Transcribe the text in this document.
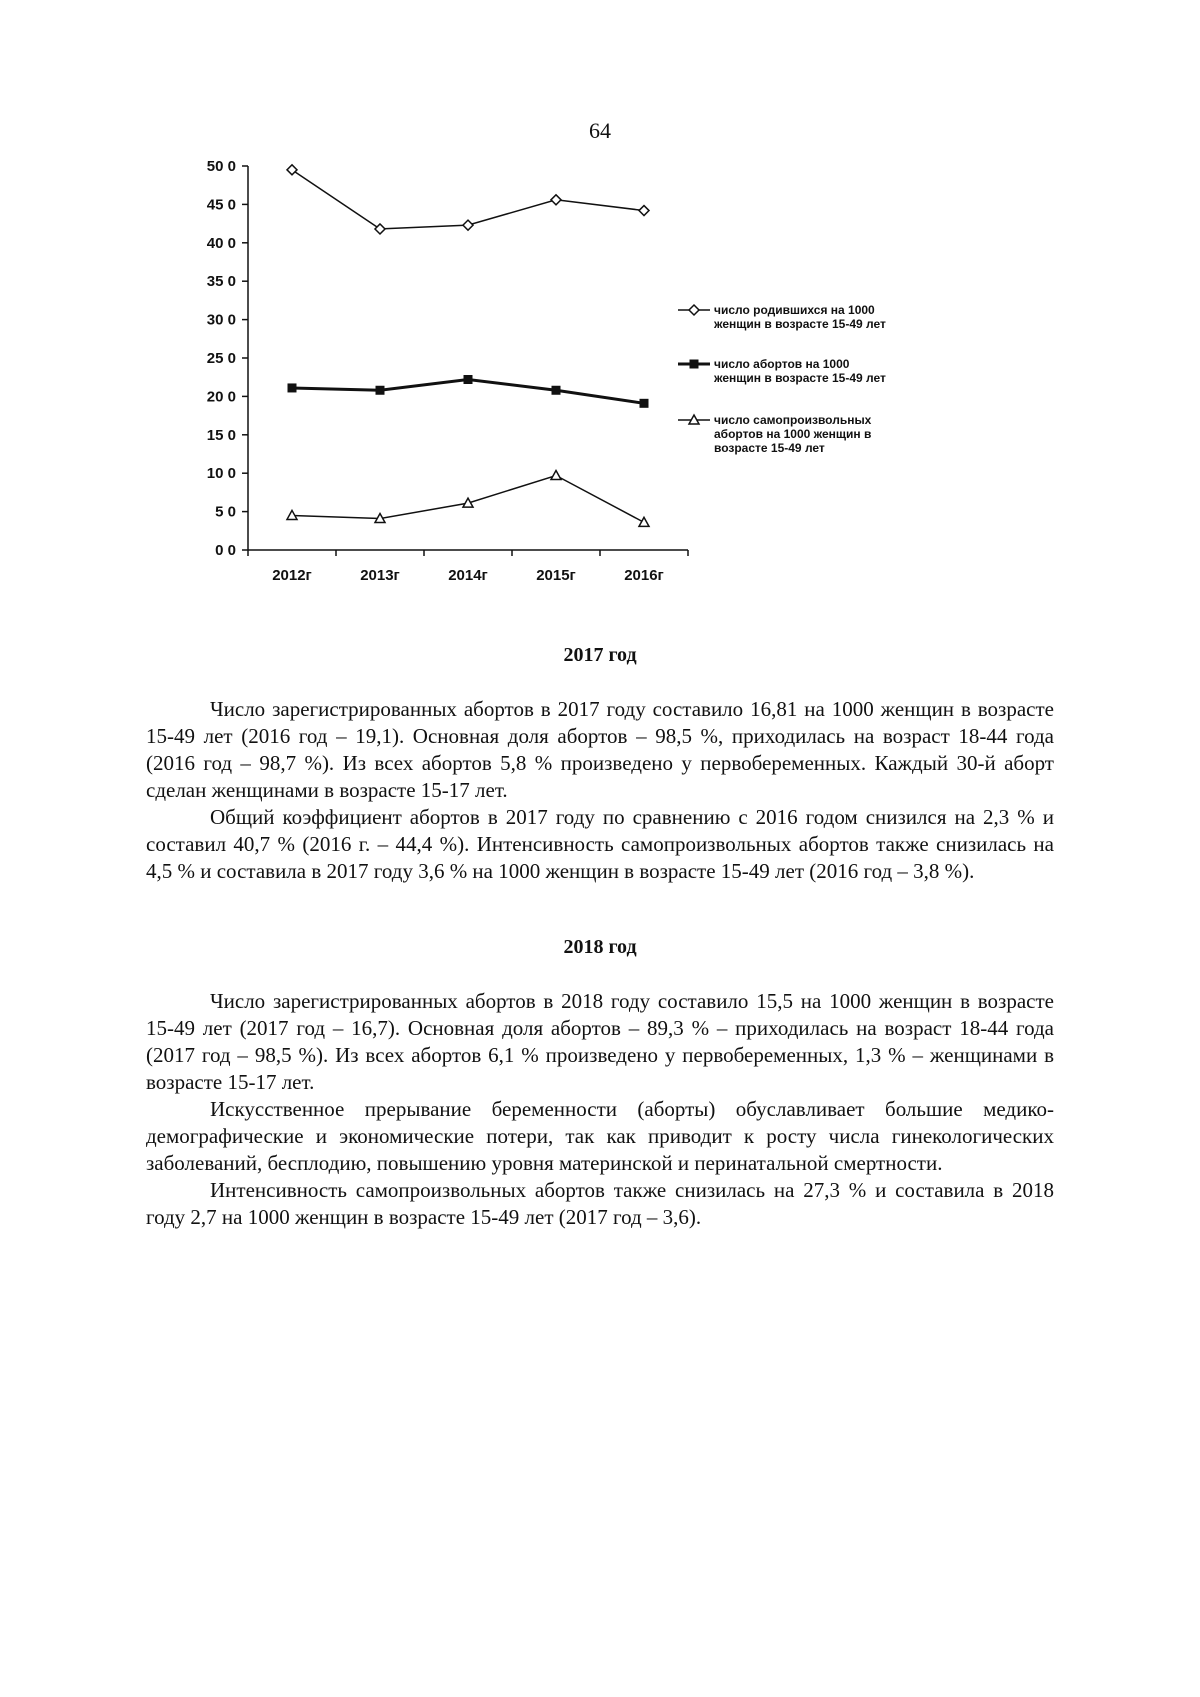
64
0 0
5 0
10 0
15 0
20 0
25 0
30 0
35 0
40 0
45 0
50 0
2012г	2013г	2014г	2015г	2016г
число родившихся на 1000
женщин в возрасте 15-49 лет
число абортов на 1000
женщин в возрасте 15-49 лет
число самопроизвольных
абортов на 1000 женщин в
возрасте 15-49 лет
2017 год

Число зарегистрированных абортов в 2017 году составило 16,81 на 1000 женщин в возрасте 15-49 лет (2016 год – 19,1). Основная доля абортов – 98,5 %, приходилась на возраст 18-44 года (2016 год – 98,7 %). Из всех абортов 5,8 % произведено у первобеременных. Каждый 30-й аборт сделан женщинами в возрасте 15-17 лет.

Общий коэффициент абортов в 2017 году по сравнению с 2016 годом снизился на 2,3 % и составил 40,7 % (2016 г. – 44,4 %). Интенсивность самопроизвольных абортов также снизилась на 4,5 % и составила в 2017 году 3,6 % на 1000 женщин в возрасте 15-49 лет (2016 год – 3,8 %).

2018 год

Число зарегистрированных абортов в 2018 году составило 15,5 на 1000 женщин в возрасте 15-49 лет (2017 год – 16,7). Основная доля абортов – 89,3 % – приходилась на возраст 18-44 года (2017 год – 98,5 %). Из всех абортов 6,1 % произведено у первобеременных, 1,3 % – женщинами в возрасте 15-17 лет.

Искусственное прерывание беременности (аборты) обуславливает большие медико-демографические и экономические потери, так как приводит к росту числа гинекологических заболеваний, бесплодию, повышению уровня материнской и перинатальной смертности.

Интенсивность самопроизвольных абортов также снизилась на 27,3 % и составила в 2018 году 2,7 на 1000 женщин в возрасте 15-49 лет (2017 год – 3,6).
